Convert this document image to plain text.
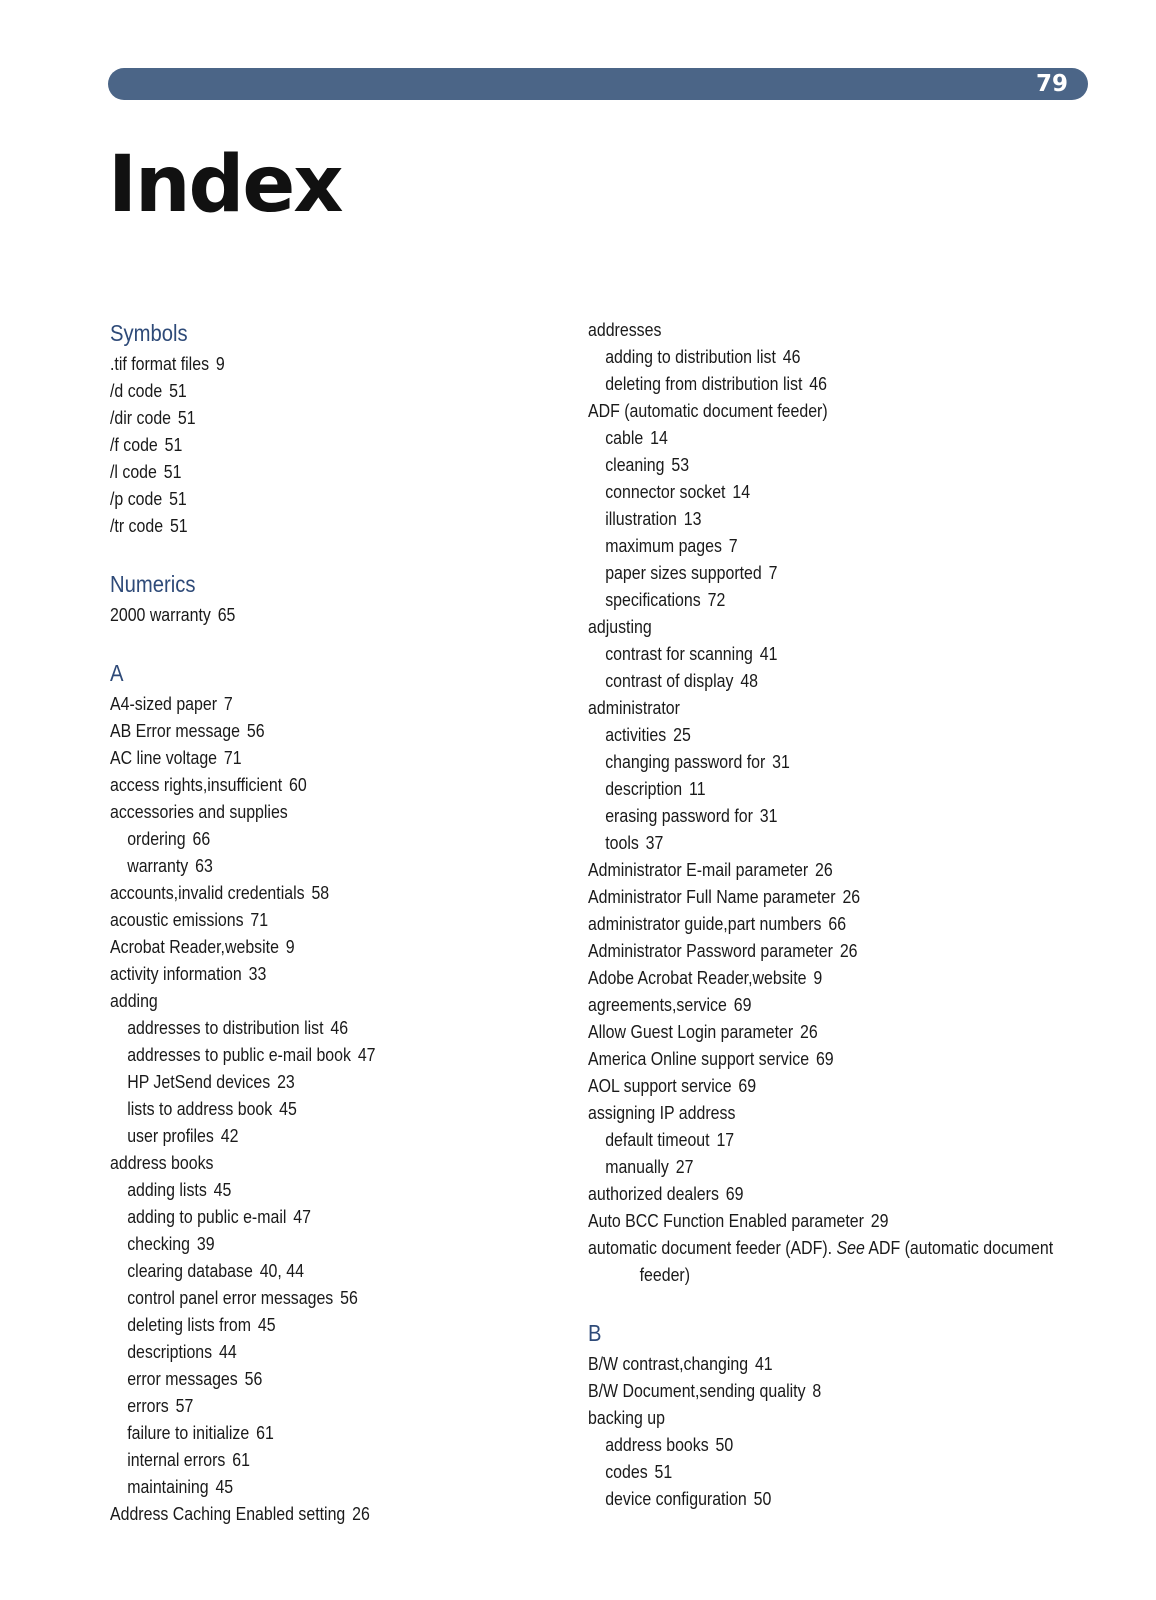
79
Index
Symbols
.tif format files 9
/d code 51
/dir code 51
/f code 51
/l code 51
/p code 51
/tr code 51
Numerics
2000 warranty 65
A
A4-sized paper 7
AB Error message 56
AC line voltage 71
access rights,insufficient 60
accessories and supplies
ordering 66
warranty 63
accounts,invalid credentials 58
acoustic emissions 71
Acrobat Reader,website 9
activity information 33
adding
addresses to distribution list 46
addresses to public e-mail book 47
HP JetSend devices 23
lists to address book 45
user profiles 42
address books
adding lists 45
adding to public e-mail 47
checking 39
clearing database 40, 44
control panel error messages 56
deleting lists from 45
descriptions 44
error messages 56
errors 57
failure to initialize 61
internal errors 61
maintaining 45
Address Caching Enabled setting 26
addresses
adding to distribution list 46
deleting from distribution list 46
ADF (automatic document feeder)
cable 14
cleaning 53
connector socket 14
illustration 13
maximum pages 7
paper sizes supported 7
specifications 72
adjusting
contrast for scanning 41
contrast of display 48
administrator
activities 25
changing password for 31
description 11
erasing password for 31
tools 37
Administrator E-mail parameter 26
Administrator Full Name parameter 26
administrator guide,part numbers 66
Administrator Password parameter 26
Adobe Acrobat Reader,website 9
agreements,service 69
Allow Guest Login parameter 26
America Online support service 69
AOL support service 69
assigning IP address
default timeout 17
manually 27
authorized dealers 69
Auto BCC Function Enabled parameter 29
automatic document feeder (ADF). See ADF (automatic document
feeder)
B
B/W contrast,changing 41
B/W Document,sending quality 8
backing up
address books 50
codes 51
device configuration 50
